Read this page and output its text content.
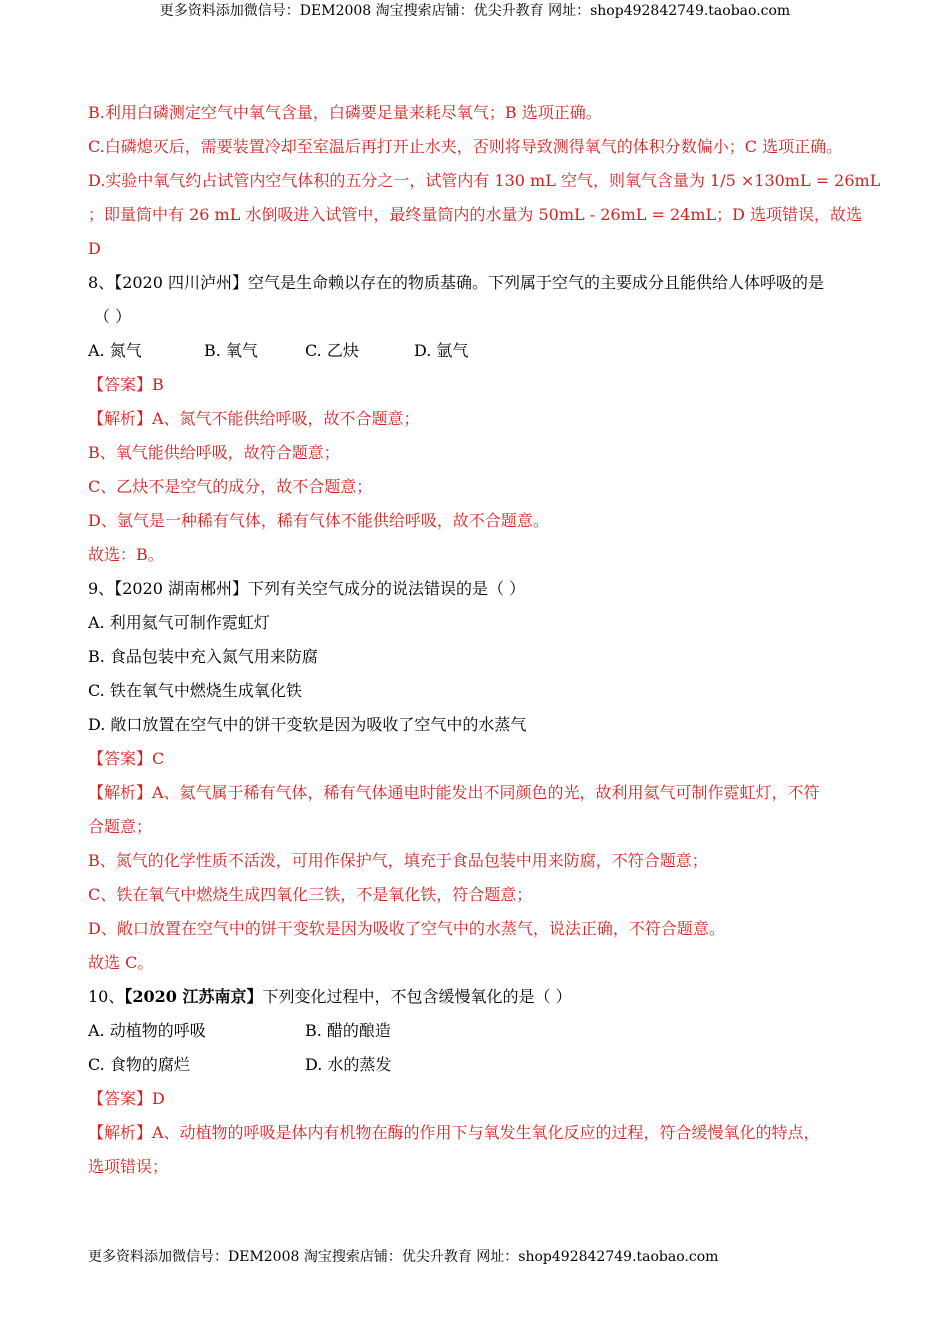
更多资料添加微信号：DEM2008 淘宝搜索店铺：优尖升教育 网址：shop492842749.taobao.com
B.利用白磷测定空气中氧气含量，白磷要足量来耗尽氧气；B 选项正确。
C.白磷熄灭后，需要装置冷却至室温后再打开止水夹，否则将导致测得氧气的体积分数偏小；C 选项正确。
D.实验中氧气约占试管内空气体积的五分之一，试管内有 130 mL 空气，则氧气含量为 1/5 ×130mL = 26mL
；即量筒中有 26 mL 水倒吸进入试管中，最终量筒内的水量为 50mL - 26mL = 24mL；D 选项错误，故选
D
8、【2020 四川泸州】空气是生命赖以存在的物质基确。下列属于空气的主要成分且能供给人体呼吸的是
（ ）
A. 氮气	B. 氧气	C. 乙炔	D. 氩气
【答案】B
【解析】A、氮气不能供给呼吸，故不合题意；
B、氧气能供给呼吸，故符合题意；
C、乙炔不是空气的成分，故不合题意；
D、氩气是一种稀有气体，稀有气体不能供给呼吸，故不合题意。
故选：B。
9、【2020 湖南郴州】下列有关空气成分的说法错误的是（ ）
A. 利用氦气可制作霓虹灯
B. 食品包装中充入氮气用来防腐
C. 铁在氧气中燃烧生成氧化铁
D. 敞口放置在空气中的饼干变软是因为吸收了空气中的水蒸气
【答案】C
【解析】A、氦气属于稀有气体，稀有气体通电时能发出不同颜色的光，故利用氦气可制作霓虹灯，不符
合题意；
B、氮气的化学性质不活泼，可用作保护气，填充于食品包装中用来防腐，不符合题意；
C、铁在氧气中燃烧生成四氧化三铁，不是氧化铁，符合题意；
D、敞口放置在空气中的饼干变软是因为吸收了空气中的水蒸气，说法正确，不符合题意。
故选 C。
10、【2020 江苏南京】下列变化过程中，不包含缓慢氧化的是（ ）
A. 动植物的呼吸	B. 醋的酿造
C. 食物的腐烂	D. 水的蒸发
【答案】D
【解析】A、动植物的呼吸是体内有机物在酶的作用下与氧发生氧化反应的过程，符合缓慢氧化的特点，
选项错误；
更多资料添加微信号：DEM2008 淘宝搜索店铺：优尖升教育 网址：shop492842749.taobao.com
